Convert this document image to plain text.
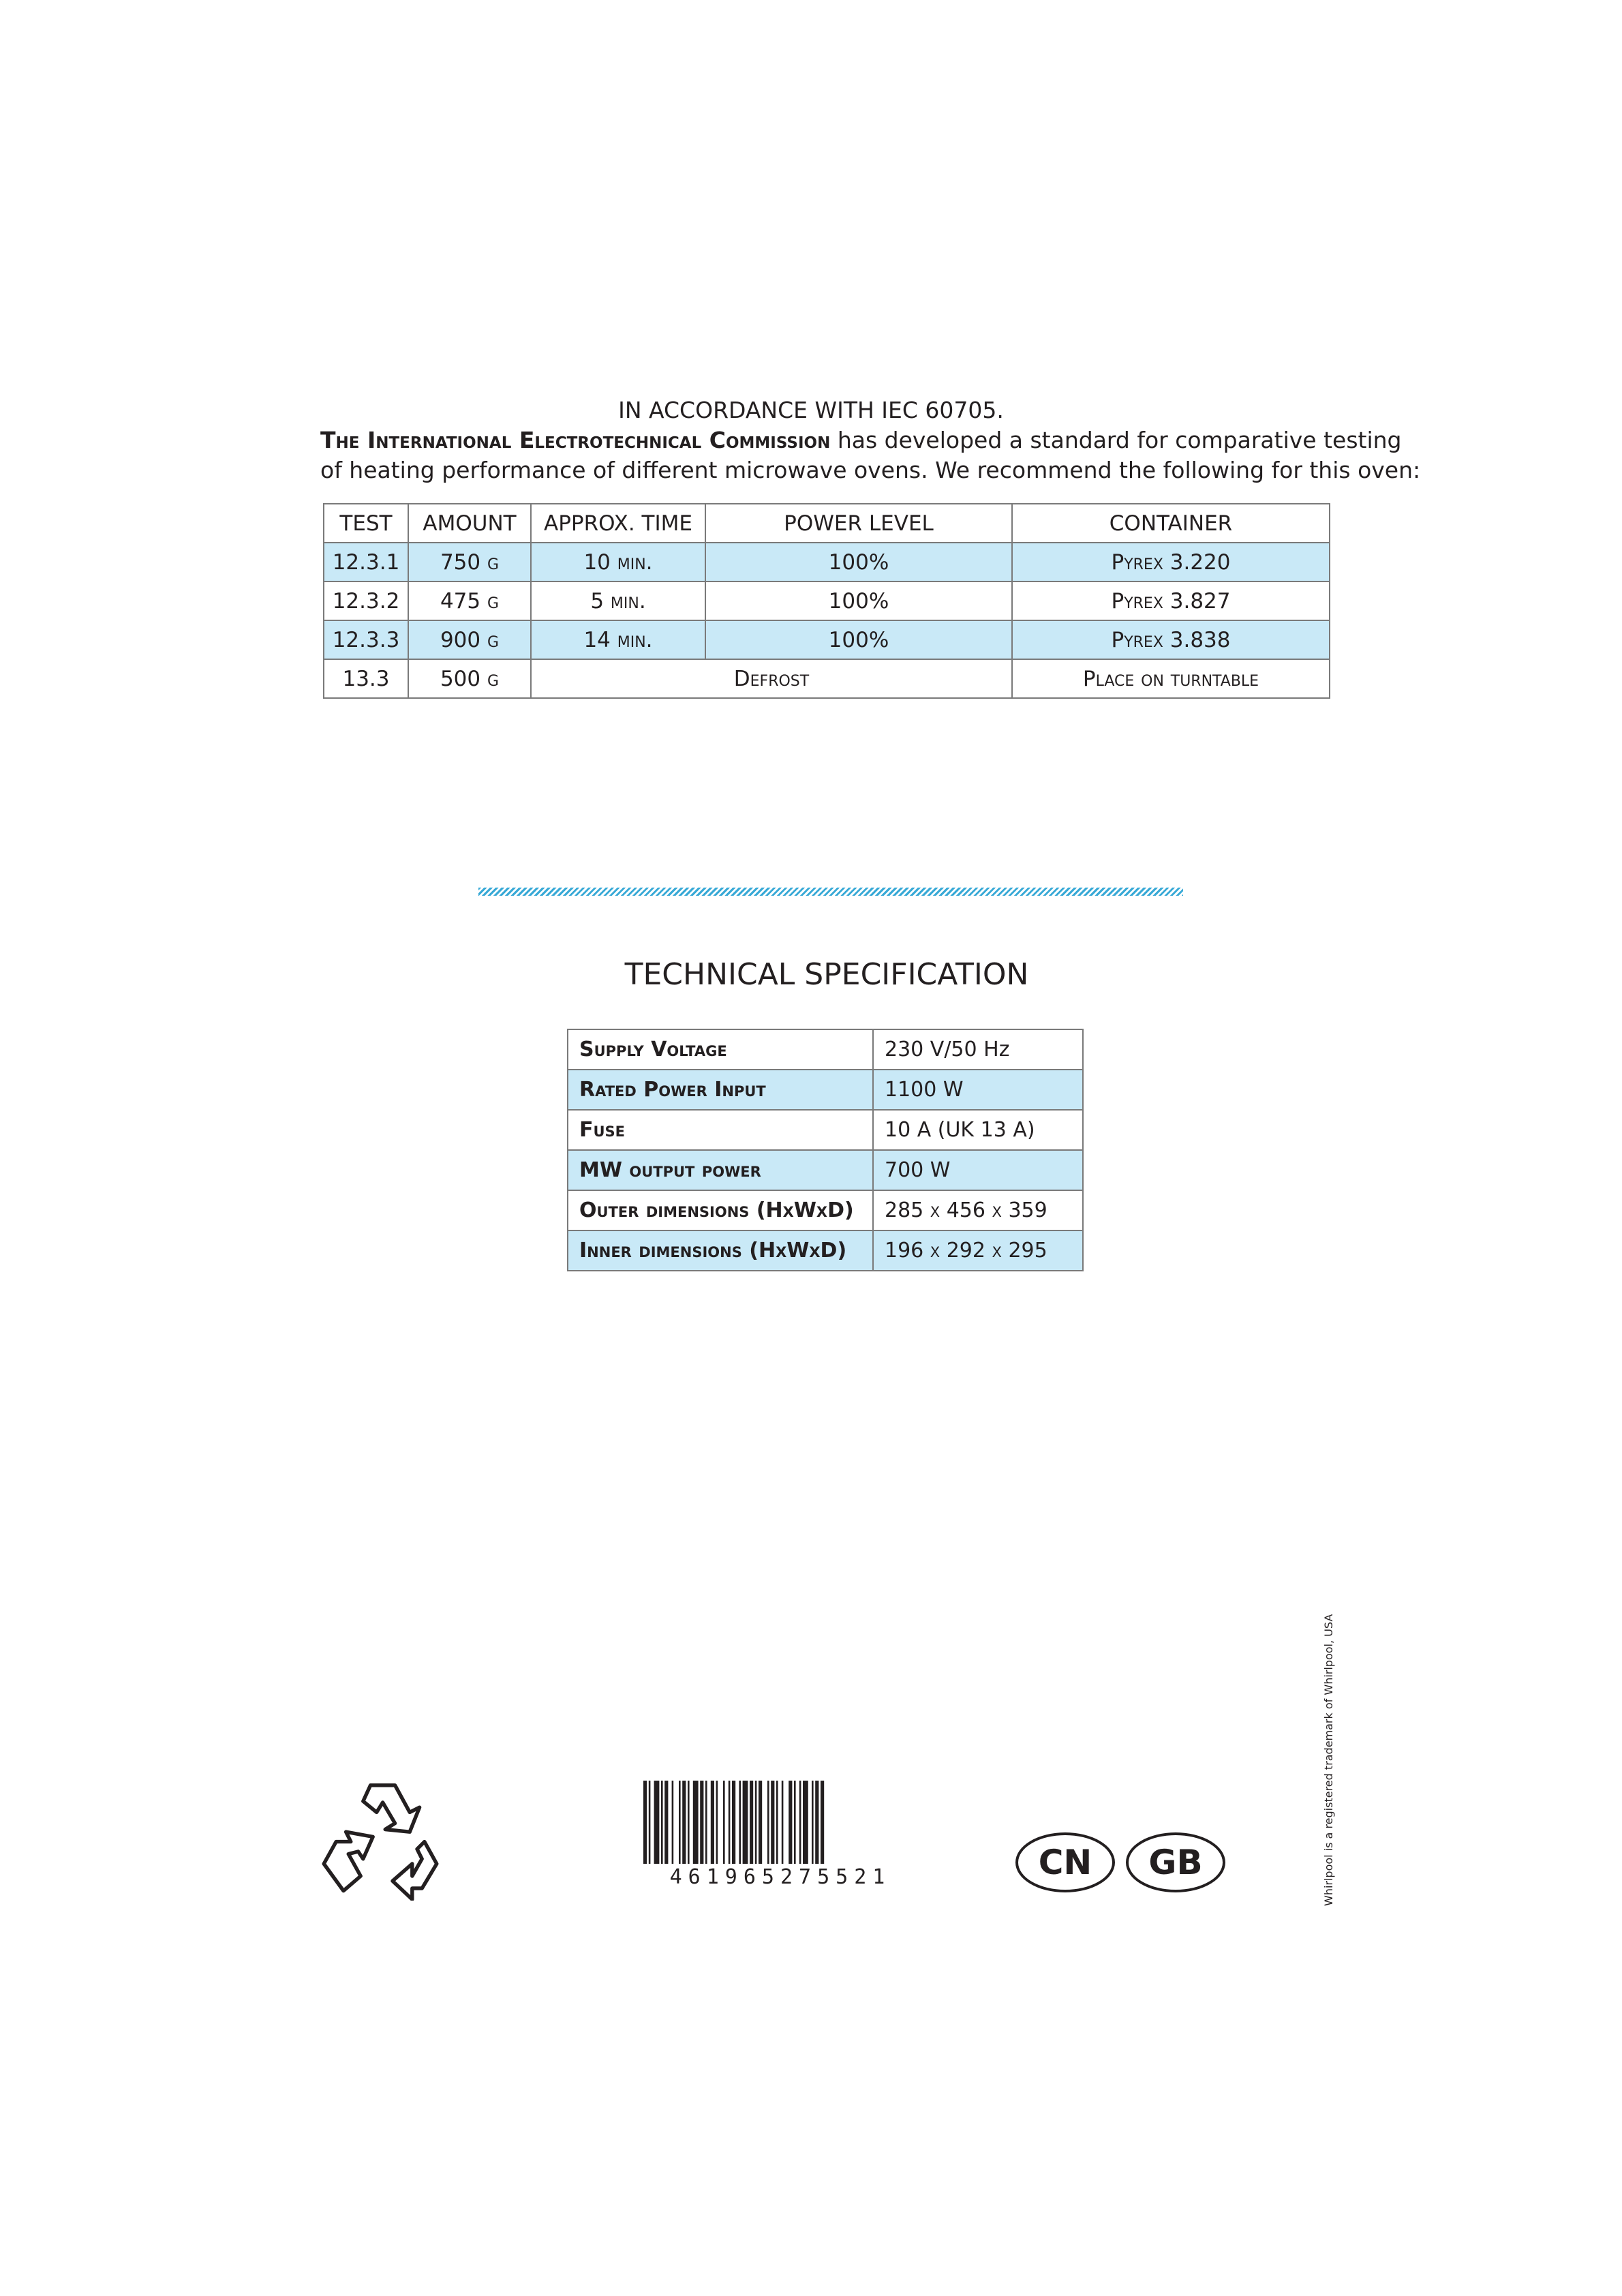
IN ACCORDANCE WITH IEC 60705.
The International Electrotechnical Commission has developed a standard for comparative testing
of heating performance of different microwave ovens. We recommend the following for this oven:
TEST	AMOUNT	APPROX. TIME	POWER LEVEL	CONTAINER
12.3.1	750 g	10 min.	100%	Pyrex 3.220
12.3.2	475 g	5 min.	100%	Pyrex 3.827
12.3.3	900 g	14 min.	100%	Pyrex 3.838
13.3	500 g	Defrost		Place on turntable
TECHNICAL SPECIFICATION
Supply Voltage	230 V/50 Hz
Rated Power Input	1100 W
Fuse	10 A (UK 13 A)
MW output power	700 W
Outer dimensions (HxWxD)	285 x 456 x 359
Inner dimensions (HxWxD)	196 x 292 x 295
461965275521	CN	GB	Whirlpool is a registered trademark of Whirlpool, USA
